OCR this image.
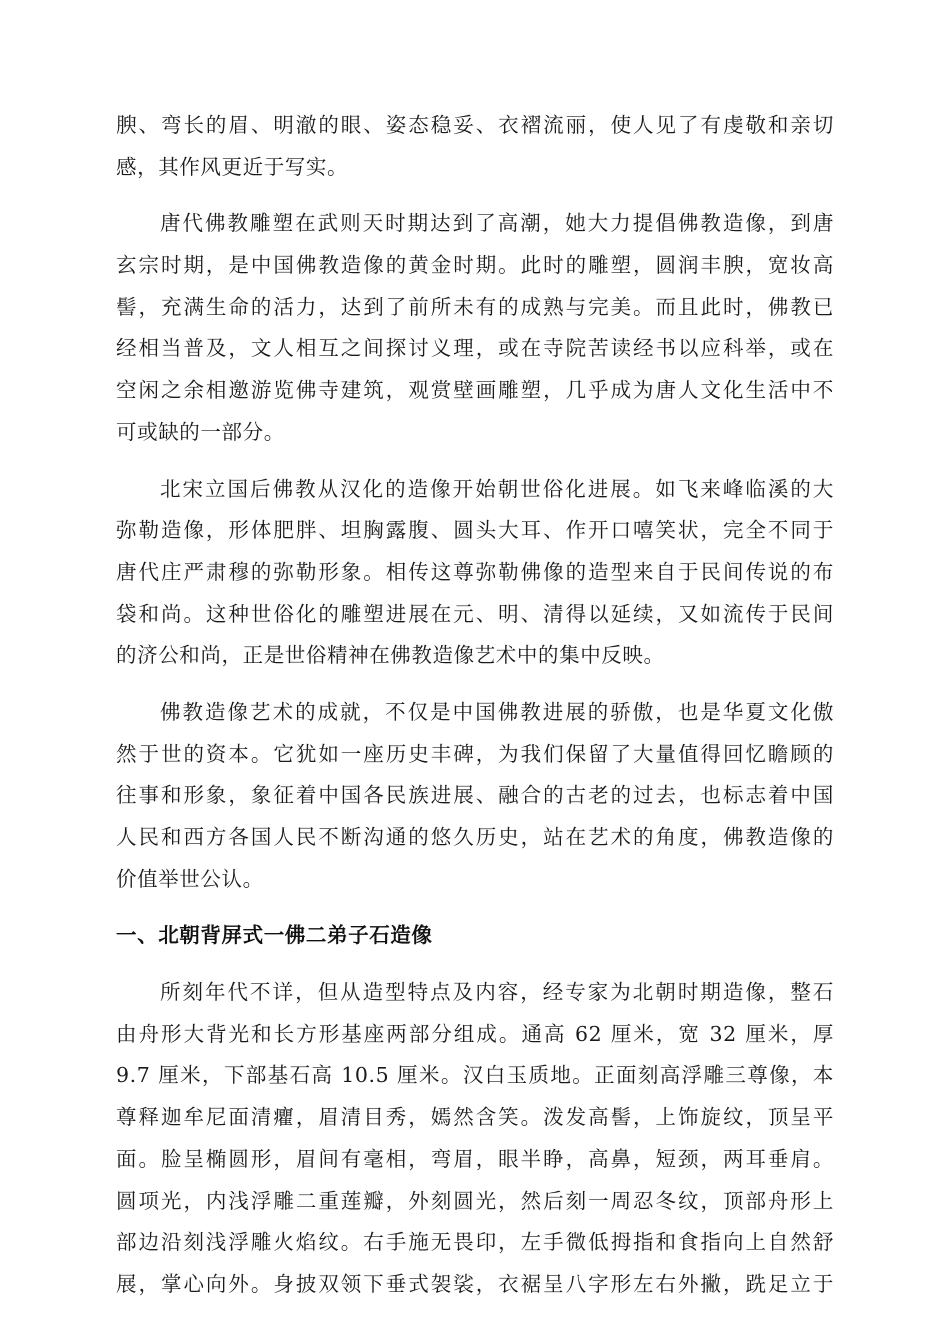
腴、弯长的眉、明澈的眼、姿态稳妥、衣褶流丽，使人见了有虔敬和亲切
感，其作风更近于写实。
唐代佛教雕塑在武则天时期达到了高潮，她大力提倡佛教造像，到唐
玄宗时期，是中国佛教造像的黄金时期。此时的雕塑，圆润丰腴，宽妆高
髻，充满生命的活力，达到了前所未有的成熟与完美。而且此时，佛教已
经相当普及，文人相互之间探讨义理，或在寺院苦读经书以应科举，或在
空闲之余相邀游览佛寺建筑，观赏壁画雕塑，几乎成为唐人文化生活中不
可或缺的一部分。
北宋立国后佛教从汉化的造像开始朝世俗化进展。如飞来峰临溪的大
弥勒造像，形体肥胖、坦胸露腹、圆头大耳、作开口嘻笑状，完全不同于
唐代庄严肃穆的弥勒形象。相传这尊弥勒佛像的造型来自于民间传说的布
袋和尚。这种世俗化的雕塑进展在元、明、清得以延续，又如流传于民间
的济公和尚，正是世俗精神在佛教造像艺术中的集中反映。
佛教造像艺术的成就，不仅是中国佛教进展的骄傲，也是华夏文化傲
然于世的资本。它犹如一座历史丰碑，为我们保留了大量值得回忆瞻顾的
往事和形象，象征着中国各民族进展、融合的古老的过去，也标志着中国
人民和西方各国人民不断沟通的悠久历史，站在艺术的角度，佛教造像的
价值举世公认。
一、北朝背屏式一佛二弟子石造像
所刻年代不详，但从造型特点及内容，经专家为北朝时期造像，整石
由舟形大背光和长方形基座两部分组成。通高 62 厘米，宽 32 厘米，厚
9.7 厘米，下部基石高 10.5 厘米。汉白玉质地。正面刻高浮雕三尊像，本
尊释迦牟尼面清癯，眉清目秀，嫣然含笑。泼发高髻，上饰旋纹，顶呈平
面。脸呈椭圆形，眉间有毫相，弯眉，眼半睁，高鼻，短颈，两耳垂肩。
圆项光，内浅浮雕二重莲瓣，外刻圆光，然后刻一周忍冬纹，顶部舟形上
部边沿刻浅浮雕火焰纹。右手施无畏印，左手微低拇指和食指向上自然舒
展，掌心向外。身披双领下垂式袈裟，衣裾呈八字形左右外撇，跣足立于
